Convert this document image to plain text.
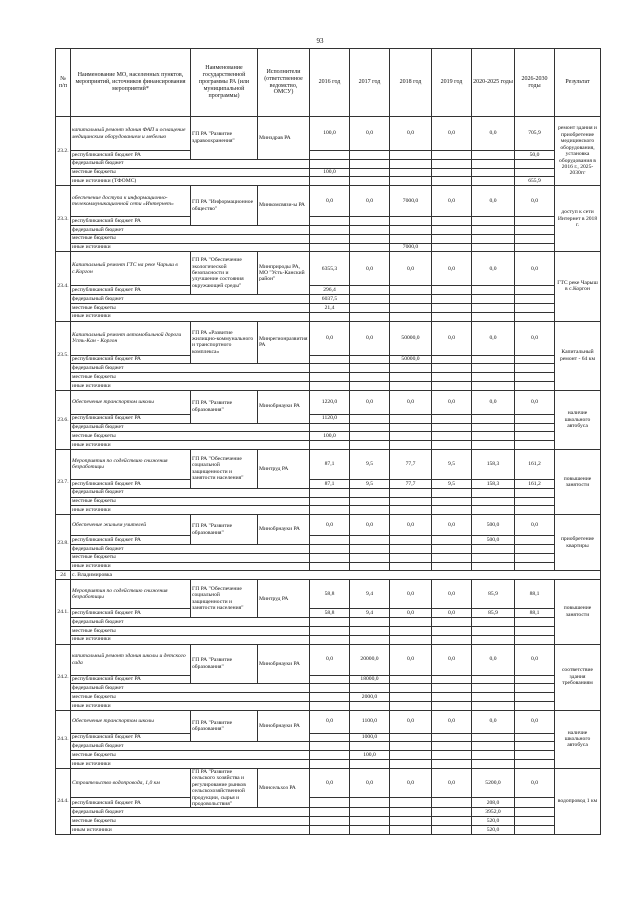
93
№ п/п	Наименование МО, населенных пунктов, мероприятий, источников финансирования мероприятий*	Наименование государственной программы РА (или муниципальной программы)	Исполнители (ответственное ведомство, ОМСУ)	2016 год	2017 год	2018 год	2019 год	2020-2025 годы	2026-2030 годы	Результат
23.2.	капитальный ремонт здания ФАП и оснащение медицинским оборудованием и мебелью	ГП РА "Развитие здравоохранения"	Минздрав РА	100,0	0,0	0,0	0,0	0,0	705,9	ремонт здания и приобретение медицинского оборудования, установка оборудования в 2016 г., 2025-2030гг
	республиканский бюджет РА								50,0	
	федеральный бюджет									
	местные бюджеты			100,0						
	иные источники (ТФОМС)								655,9	
23.3.	обеспечение доступа к информационно-телекоммуникационной сети «Интернет»	ГП РА "Информационное общество"	Минкомсвязи-ы РА	0,0	0,0	7000,0	0,0	0,0	0,0	доступ к сети Интернет в 2018 г.
	республиканский бюджет РА									
	федеральный бюджет									
	местные бюджеты									
	иные источники					7000,0				
23.4.	Капитальный ремонт ГТС на реке Чарыш в с.Коргон	ГП РА "Обеспечение экологической безопасности и улучшение состояния окружающей среды"	Минприроды РА, МО "Усть-Канский район"	6355,3	0,0	0,0	0,0	0,0	0,0	ГТС реке Чарыш в с.Коргон
	республиканский бюджет РА			296,4						
	федеральный бюджет			6037,5						
	местные бюджеты			21,4						
	иные источники									
23.5.	Капитальный ремонт автомобильной дороги Усть-Кан - Коргон	ГП РА «Развитие жилищно-коммунального и транспортного комплекса»	Минрегионразвития РА	0,0	0,0	50000,0	0,0	0,0	0,0	Капитальный ремонт - 64 км
	республиканский бюджет РА					50000,0				
	федеральный бюджет									
	местные бюджеты									
	иные источники									
23.6.	Обеспечение транспортом школы	ГП РА "Развитие образования"	Минобрнауки РА	1220,0	0,0	0,0	0,0	0,0	0,0	наличие школьного автобуса
	республиканский бюджет РА			1120,0						
	федеральный бюджет									
	местные бюджеты			100,0						
	иные источники									
23.7.	Мероприятия по содействию снижения безработицы	ГП РА "Обеспечение социальной защищенности и занятости населения"	Минтруд РА	87,1	9,5	77,7	9,5	158,3	161,2	повышение занятости
	республиканский бюджет РА			87,1	9,5	77,7	9,5	158,3	161,2	
	федеральный бюджет									
	местные бюджеты									
	иные источники									
23.8.	Обеспечение жильем учителей	ГП РА "Развитие образования"	Минобрнауки РА	0,0	0,0	0,0	0,0	500,0	0,0	приобретение квартиры
	республиканский бюджет РА							500,0		
	федеральный бюджет									
	местные бюджеты									
	иные источники									
24	с. Владимировка									
24.1.	Мероприятия по содействию снижения безработицы	ГП РА "Обеспечение социальной защищенности и занятости населения"	Минтруд РА	58,8	9,4	0,0	0,0	85,9	88,1	повышение занятости
	республиканский бюджет РА			58,8	9,4	0,0	0,0	85,9	88,1	
	федеральный бюджет									
	местные бюджеты									
	иные источники									
24.2.	капитальный ремонт здания школы и детского сада	ГП РА "Развитие образования"	Минобрнауки РА	0,0	20000,0	0,0	0,0	0,0	0,0	соответствие здания требованиям
	республиканский бюджет РА				18000,0					
	федеральный бюджет									
	местные бюджеты				2000,0					
	иные источники									
24.3.	Обеспечение транспортом школы	ГП РА "Развитие образования"	Минобрнауки РА	0,0	1100,0	0,0	0,0	0,0	0,0	наличие школьного автобуса
	республиканский бюджет РА				1000,0					
	федеральный бюджет									
	местные бюджеты				100,0					
	иные источники									
24.4.	Строительство водопровода, 1,0 км	ГП РА "Развитие сельского хозяйства и регулирование рынков сельскохозяйственной продукции, сырья и продовольствия"	Минсельхоз РА	0,0	0,0	0,0	0,0	5200,0	0,0	водопровод 1 км
	республиканский бюджет РА							208,0		
	федеральный бюджет							3952,0		
	местные бюджеты							520,0		
	иным источники							520,0		
